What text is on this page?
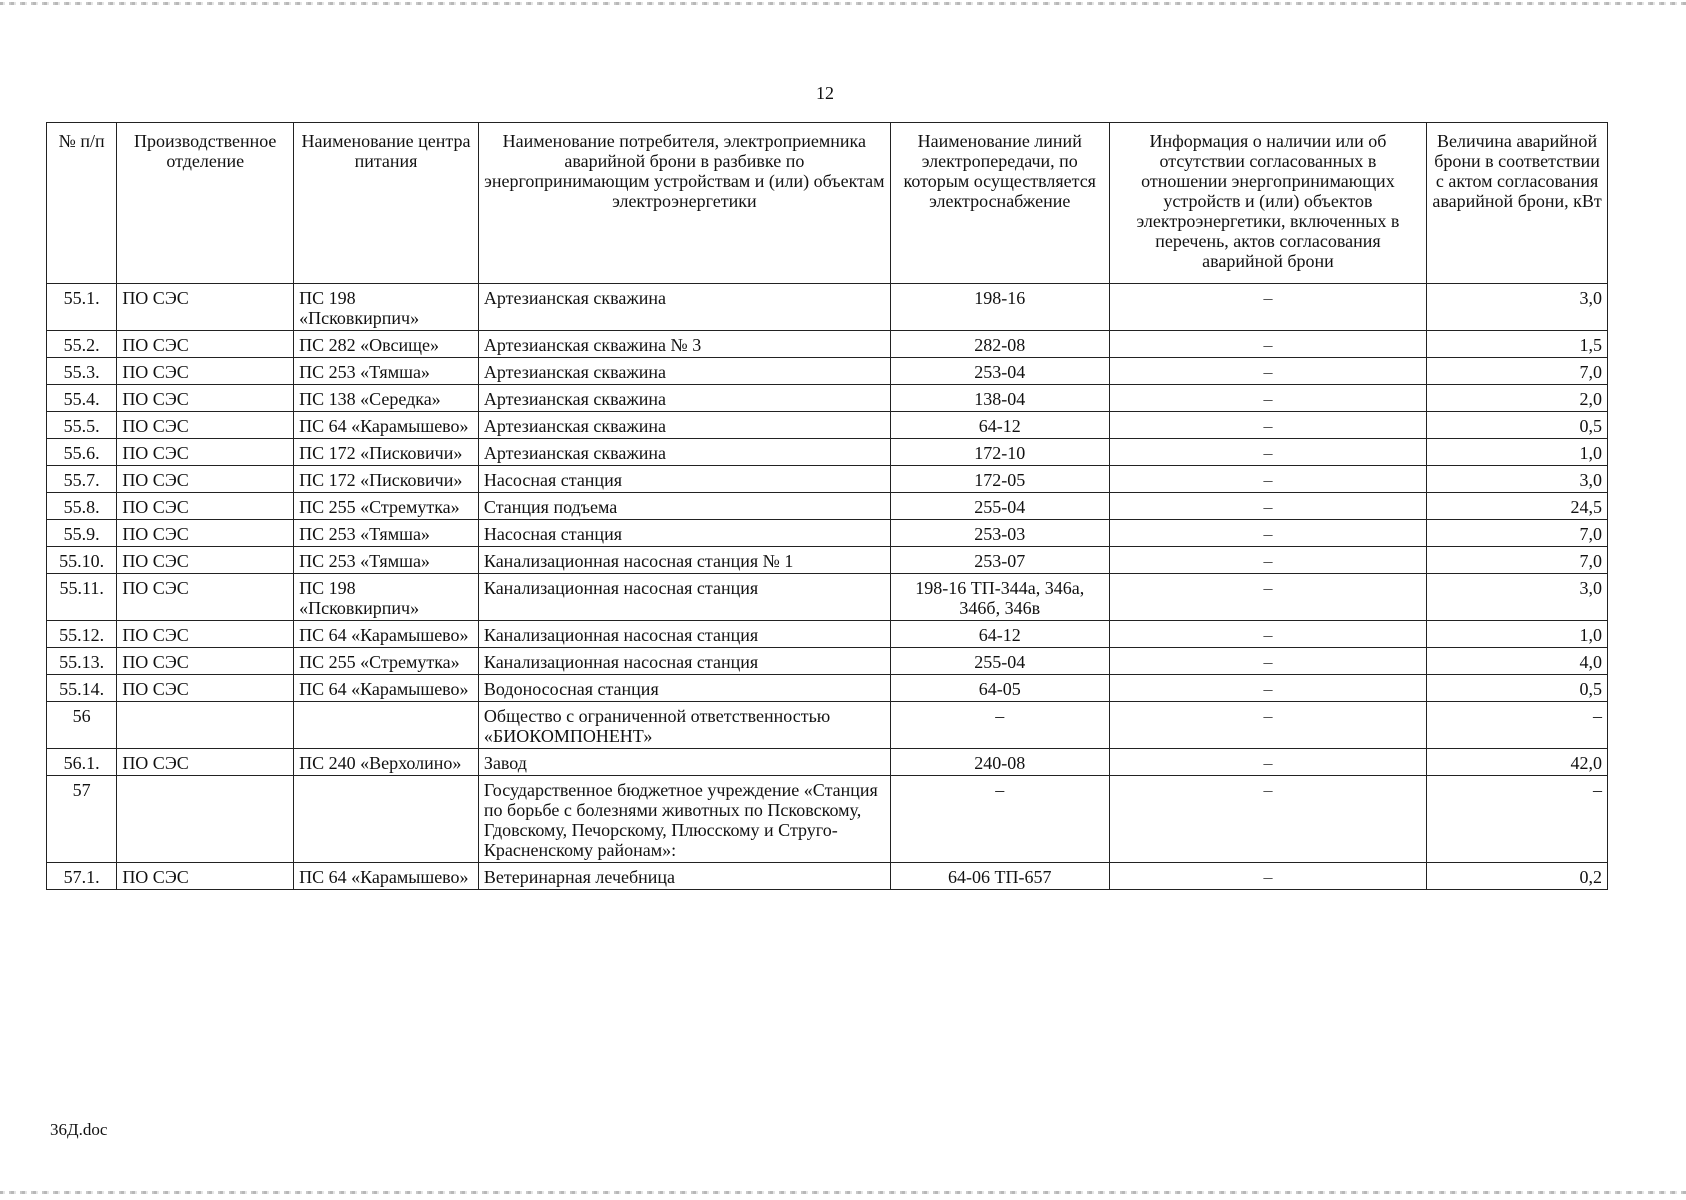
12
№ п/п	Производственное отделение	Наименование центра питания	Наименование потребителя, электроприемника аварийной брони в разбивке по энергопринимающим устройствам и (или) объектам электроэнергетики	Наименование линий электропередачи, по которым осуществляется электроснабжение	Информация о наличии или об отсутствии согласованных в отношении энергопринимающих устройств и (или) объектов электроэнергетики, включенных в перечень, актов согласования аварийной брони	Величина аварийной брони в соответствии с актом согласования аварийной брони, кВт
55.1.	ПО СЭС	ПС 198 «Псковкирпич»	Артезианская скважина	198-16	–	3,0
55.2.	ПО СЭС	ПС 282 «Овсище»	Артезианская скважина № 3	282-08	–	1,5
55.3.	ПО СЭС	ПС 253 «Тямша»	Артезианская скважина	253-04	–	7,0
55.4.	ПО СЭС	ПС 138 «Середка»	Артезианская скважина	138-04	–	2,0
55.5.	ПО СЭС	ПС 64 «Карамышево»	Артезианская скважина	64-12	–	0,5
55.6.	ПО СЭС	ПС 172 «Писковичи»	Артезианская скважина	172-10	–	1,0
55.7.	ПО СЭС	ПС 172 «Писковичи»	Насосная станция	172-05	–	3,0
55.8.	ПО СЭС	ПС 255 «Стремутка»	Станция подъема	255-04	–	24,5
55.9.	ПО СЭС	ПС 253 «Тямша»	Насосная станция	253-03	–	7,0
55.10.	ПО СЭС	ПС 253 «Тямша»	Канализационная насосная станция № 1	253-07	–	7,0
55.11.	ПО СЭС	ПС 198 «Псковкирпич»	Канализационная насосная станция	198-16 ТП-344а, 346а, 346б, 346в	–	3,0
55.12.	ПО СЭС	ПС 64 «Карамышево»	Канализационная насосная станция	64-12	–	1,0
55.13.	ПО СЭС	ПС 255 «Стремутка»	Канализационная насосная станция	255-04	–	4,0
55.14.	ПО СЭС	ПС 64 «Карамышево»	Водонососная станция	64-05	–	0,5
56			Общество с ограниченной ответственностью «БИОКОМПОНЕНТ»	–	–	–
56.1.	ПО СЭС	ПС 240 «Верхолино»	Завод	240-08	–	42,0
57			Государственное бюджетное учреждение «Станция по борьбе с болезнями животных по Псковскому, Гдовскому, Печорскому, Плюсскому и Струго-Красненскому районам»:	–	–	–
57.1.	ПО СЭС	ПС 64 «Карамышево»	Ветеринарная лечебница	64-06 ТП-657	–	0,2
36Д.doc
